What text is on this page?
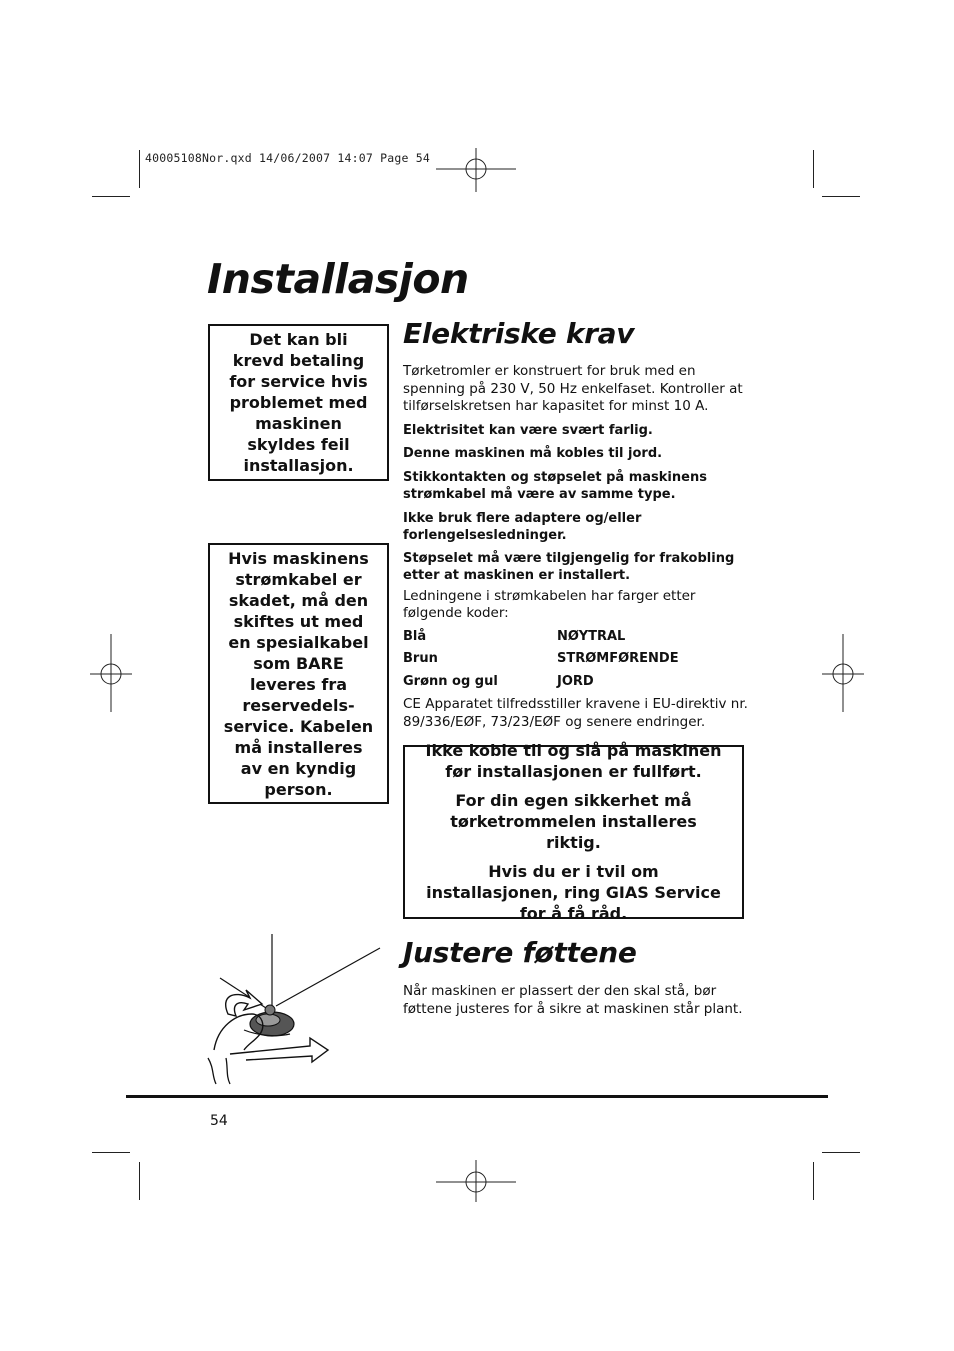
40005108Nor.qxd 14/06/2007 14:07 Page 54
Installasjon

Det kan bli krevd betaling for service hvis problemet med maskinen skyldes feil installasjon.

Hvis maskinens strømkabel er skadet, må den skiftes ut med en spesialkabel som BARE leveres fra reservedels-service. Kabelen må installeres av en kyndig person.

Elektriske krav

Tørketromler er konstruert for bruk med en spenning på 230 V, 50 Hz enkelfaset. Kontroller at tilførselskretsen har kapasitet for minst 10 A.

Elektrisitet kan være svært farlig.

Denne maskinen må kobles til jord.

Stikkontakten og støpselet på maskinens strømkabel må være av samme type.

Ikke bruk flere adaptere og/eller forlengelsesledninger.

Støpselet må være tilgjengelig for frakobling etter at maskinen er installert.

Ledningene i strømkabelen har farger etter følgende koder:

Blå	NØYTRAL
Brun	STRØMFØRENDE
Grønn og gul	JORD

CE Apparatet tilfredsstiller kravene i EU-direktiv nr. 89/336/EØF, 73/23/EØF og senere endringer.

Ikke koble til og slå på maskinen før installasjonen er fullført.

For din egen sikkerhet må tørketrommelen installeres riktig.

Hvis du er i tvil om installasjonen, ring GIAS Service for å få råd.

Justere føttene
Når maskinen er plassert der den skal stå, bør føttene justeres for å sikre at maskinen står plant.
54
